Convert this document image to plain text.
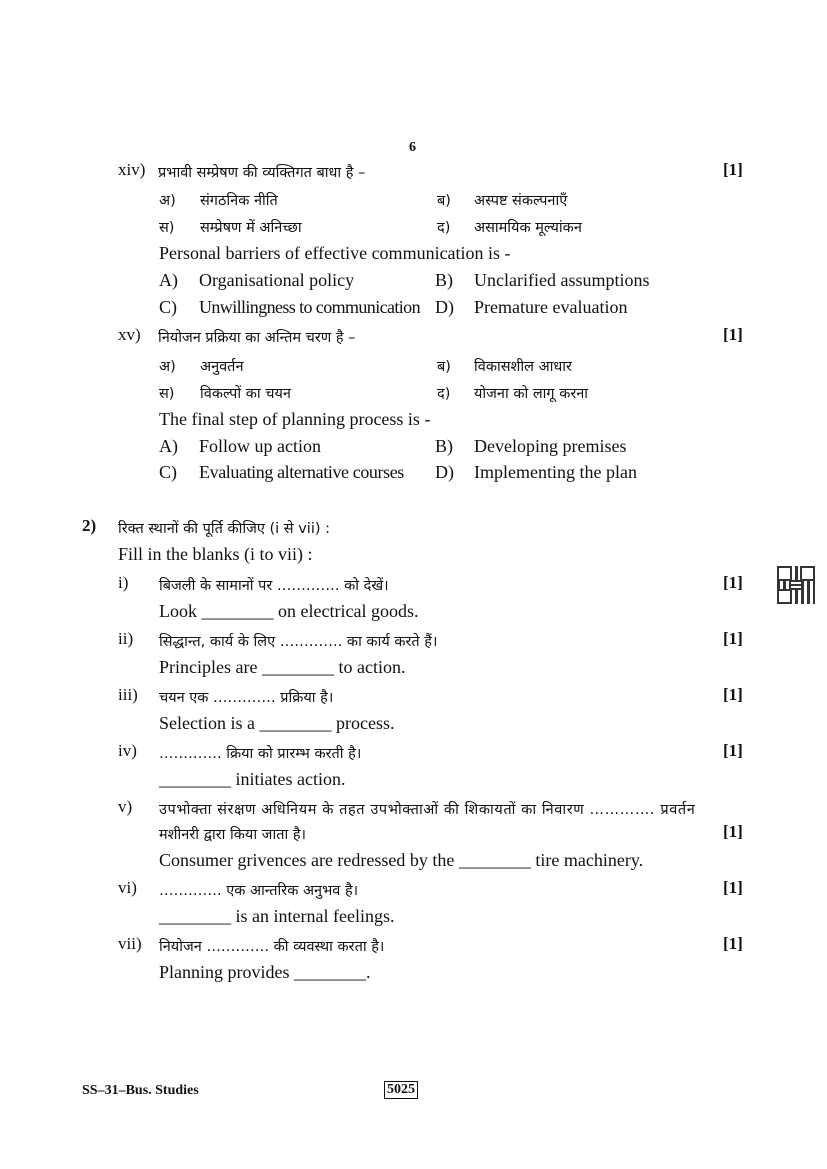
6
xiv) प्रभावी सम्प्रेषण की व्यक्तिगत बाधा है –	[1]
अ) संगठनिक नीति	ब) अस्पष्ट संकल्पनाएँ
स) सम्प्रेषण में अनिच्छा	द) असामयिक मूल्यांकन
Personal barriers of effective communication is -
A) Organisational policy	B) Unclarified assumptions
C) Unwillingness to communication D) Premature evaluation
xv) नियोजन प्रक्रिया का अन्तिम चरण है –	[1]
अ) अनुवर्तन	ब) विकासशील आधार
स) विकल्पों का चयन	द) योजना को लागू करना
The final step of planning process is -
A) Follow up action	B) Developing premises
C) Evaluating alternative courses D) Implementing the plan
2) रिक्त स्थानों की पूर्ति कीजिए (i से vii) :
Fill in the blanks (i to vii) :
i) बिजली के सामानों पर …………. को देखें।	[1]
Look ________ on electrical goods.
ii) सिद्धान्त, कार्य के लिए …………. का कार्य करते हैं।	[1]
Principles are ________ to action.
iii) चयन एक …………. प्रक्रिया है।	[1]
Selection is a ________ process.
iv) …………. क्रिया को प्रारम्भ करती है।	[1]
________ initiates action.
v) उपभोक्ता संरक्षण अधिनियम के तहत उपभोक्ताओं की शिकायतों का निवारण …………. प्रवर्तन
मशीनरी द्वारा किया जाता है।	[1]
Consumer grivences are redressed by the ________ tire machinery.
vi) …………. एक आन्तरिक अनुभव है।	[1]
________ is an internal feelings.
vii) नियोजन …………. की व्यवस्था करता है।	[1]
Planning provides ________.
SS–31–Bus. Studies	5025
